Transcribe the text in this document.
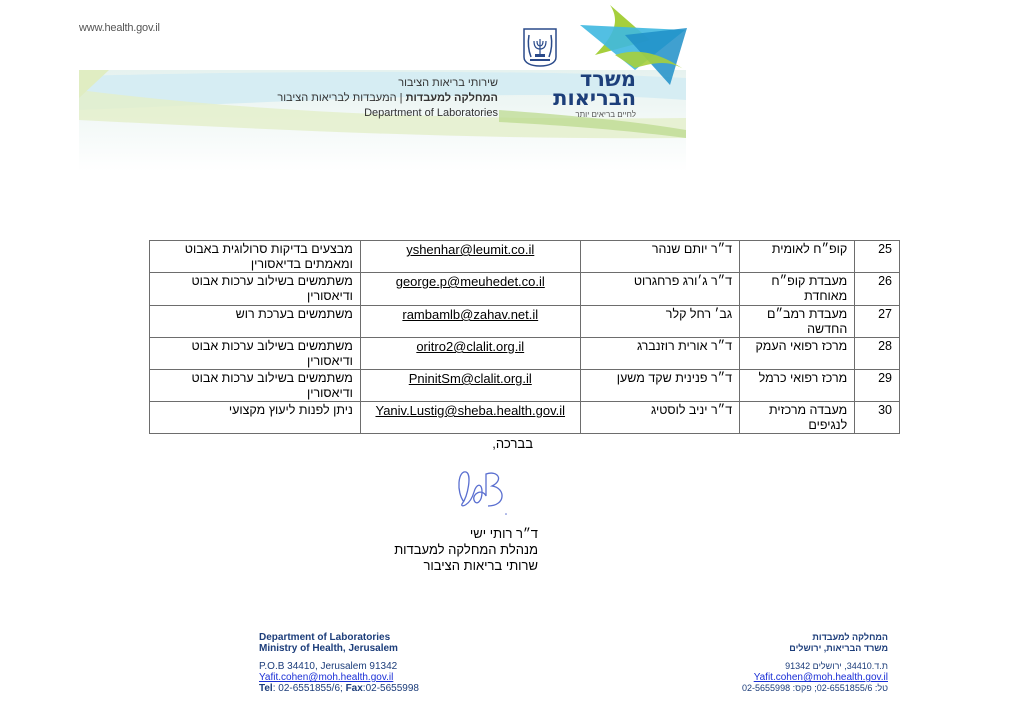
www.health.gov.il
משרד
הבריאות
לחיים בריאים יותר
שירותי בריאות הציבור
המחלקה למעבדות | המעבדות לבריאות הציבור
Department of Laboratories
25	קופ״ח לאומית	ד״ר יותם שנהר	yshenhar@leumit.co.il	מבצעים בדיקות סרולוגית באבוט ומאמתים בדיאסורין
26	מעבדת קופ״ח מאוחדת	ד״ר ג׳ורג פרחגרוט	george.p@meuhedet.co.il	משתמשים בשילוב ערכות אבוט ודיאסורין
27	מעבדת רמב״ם החדשה	גב׳ רחל קלר	rambamlb@zahav.net.il	משתמשים בערכת רוש
28	מרכז רפואי העמק	ד״ר אורית רוזנברג	oritro2@clalit.org.il	משתמשים בשילוב ערכות אבוט ודיאסורין
29	מרכז רפואי כרמל	ד״ר פנינית שקד משען	PninitSm@clalit.org.il	משתמשים בשילוב ערכות אבוט ודיאסורין
30	מעבדה מרכזית לנגיפים	ד״ר יניב לוסטיג	Yaniv.Lustig@sheba.health.gov.il	ניתן לפנות ליעוץ מקצועי
בברכה,
ד״ר רותי ישי
מנהלת המחלקה למעבדות
שרותי בריאות הציבור
Department of Laboratories
Ministry of Health, Jerusalem
P.O.B 34410, Jerusalem 91342
Yafit.cohen@moh.health.gov.il
Tel: 02-6551855/6; Fax:02-5655998
המחלקה למעבדות
משרד הבריאות, ירושלים
ת.ד.34410, ירושלים 91342
Yafit.cohen@moh.health.gov.il
טל: 02-6551855/6; פקס: 02-5655998
